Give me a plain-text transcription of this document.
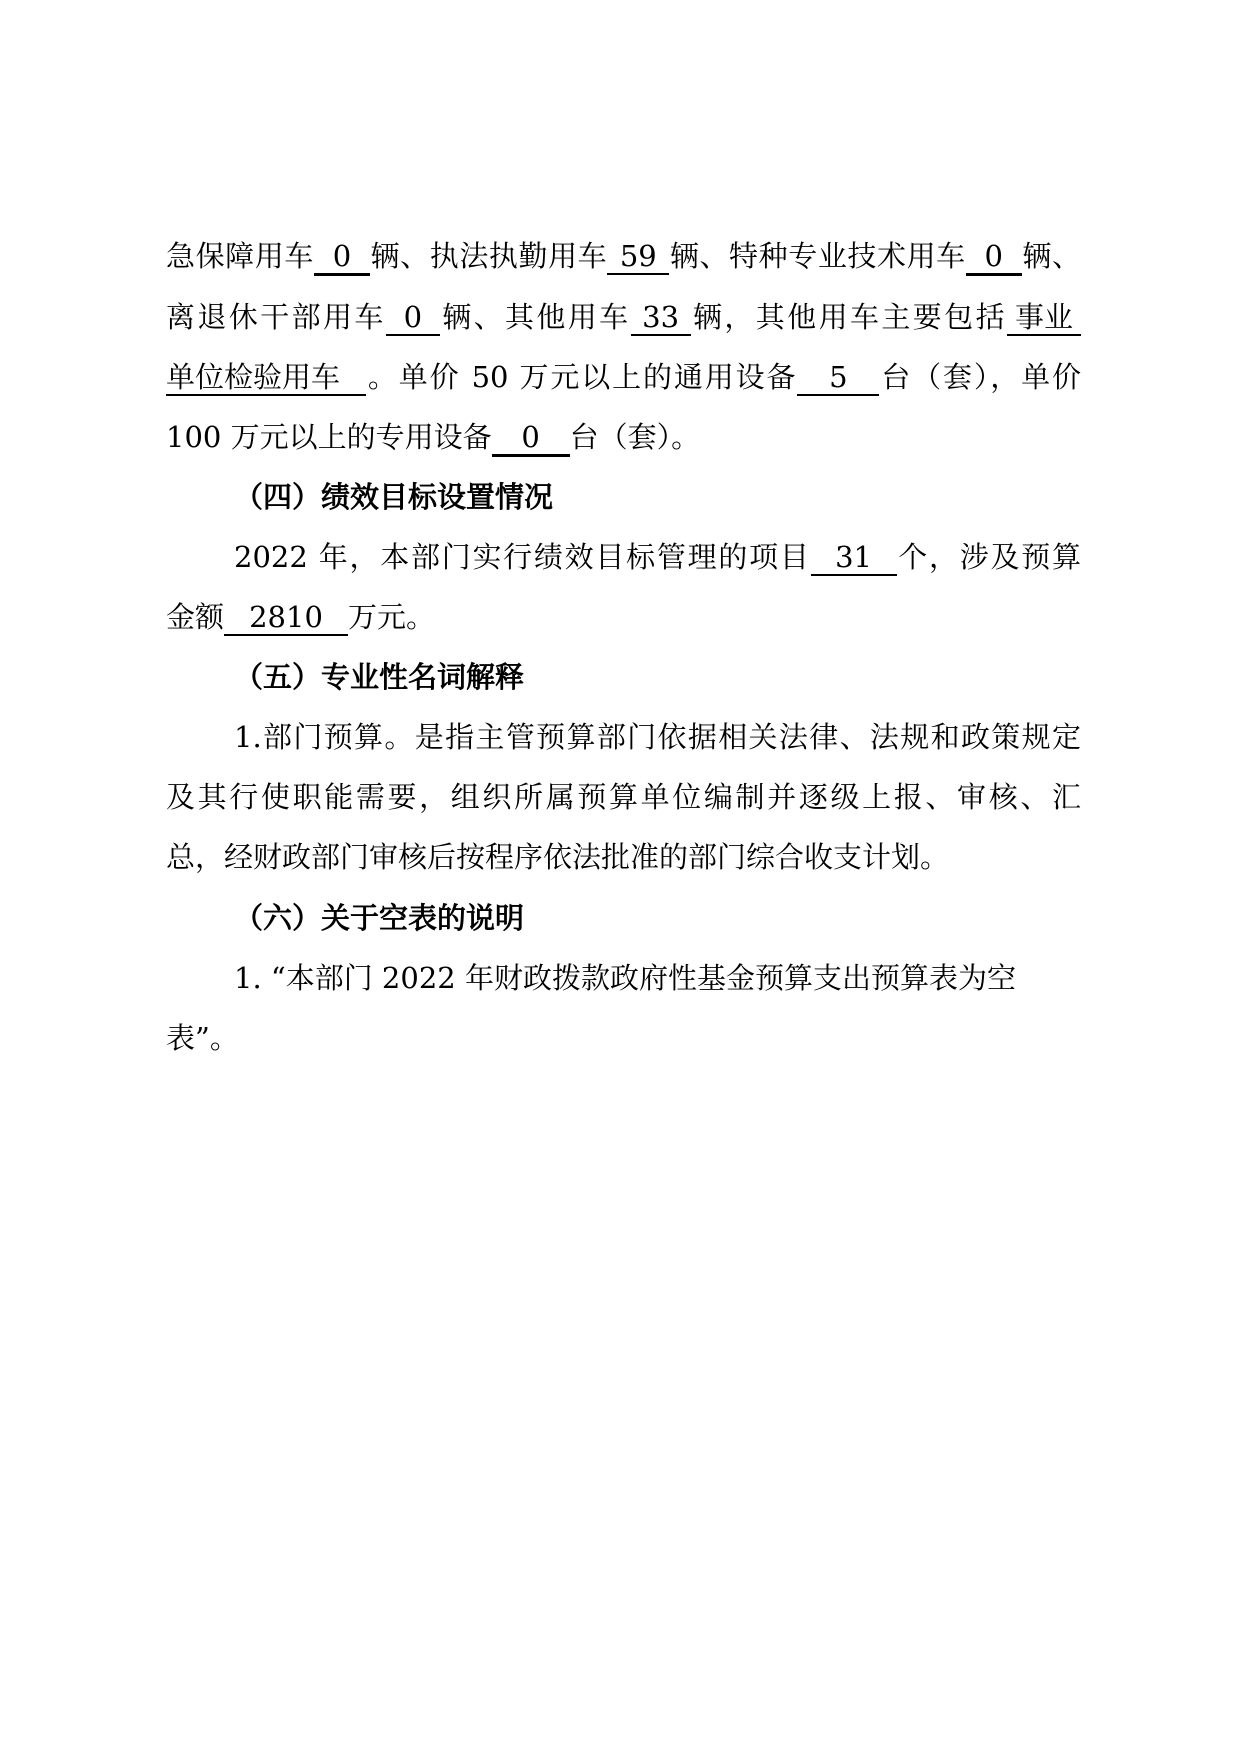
急保障用车 0 辆、执法执勤用车 59 辆、特种专业技术用车 0 辆、
离退休干部用车 0 辆、其他用车 33 辆，其他用车主要包括 事业
单位检验用车 。单价 50 万元以上的通用设备 5 台（套），单价
100 万元以上的专用设备 0 台（套）。
（四）绩效目标设置情况
2022 年，本部门实行绩效目标管理的项目 31 个，涉及预算
金额 2810 万元。
（五）专业性名词解释
1.部门预算。是指主管预算部门依据相关法律、法规和政策规定
及其行使职能需要，组织所属预算单位编制并逐级上报、审核、汇
总，经财政部门审核后按程序依法批准的部门综合收支计划。
（六）关于空表的说明
1. “本部门 2022 年财政拨款政府性基金预算支出预算表为空
表”。
